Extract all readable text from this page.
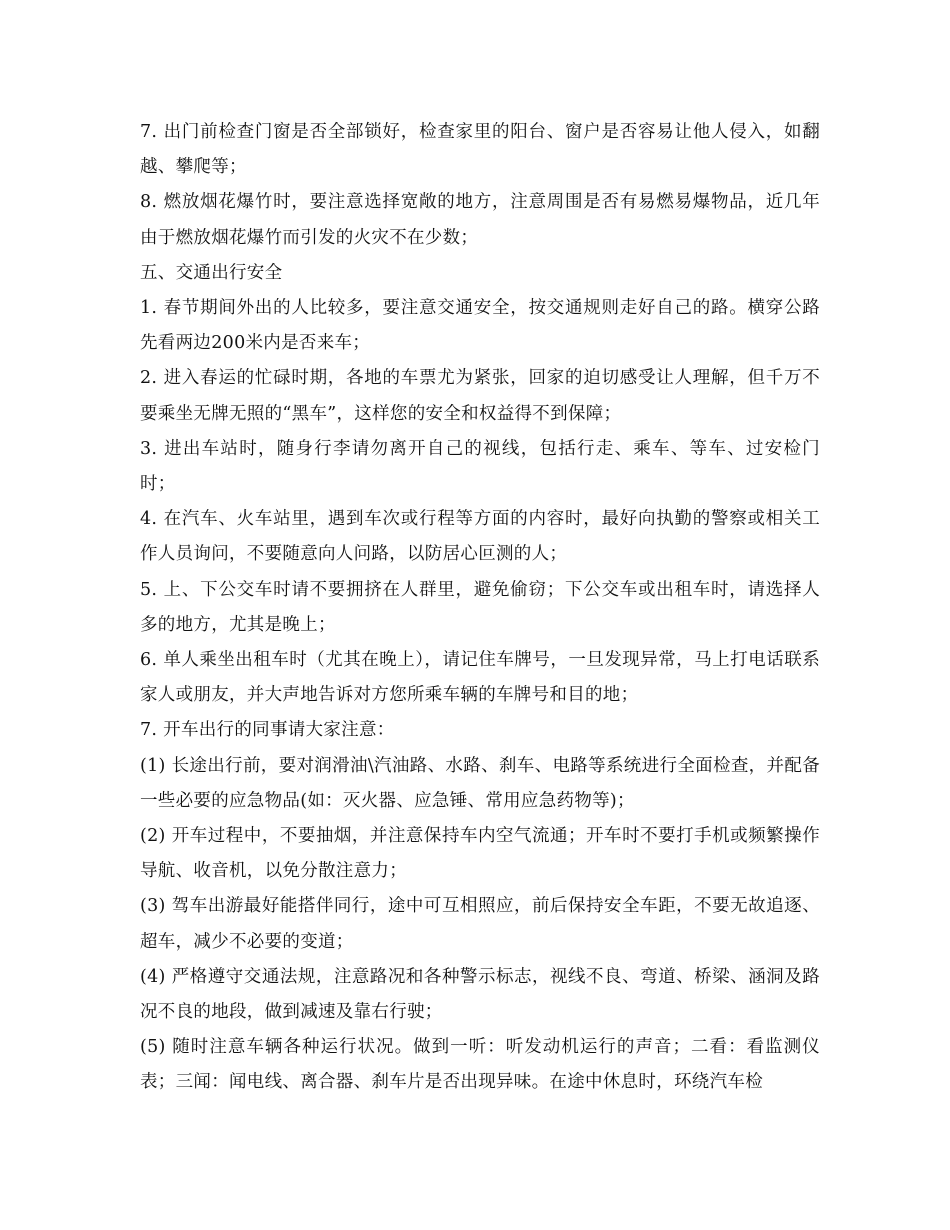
7. 出门前检查门窗是否全部锁好，检查家里的阳台、窗户是否容易让他人侵入，如翻越、攀爬等；

8. 燃放烟花爆竹时，要注意选择宽敞的地方，注意周围是否有易燃易爆物品，近几年由于燃放烟花爆竹而引发的火灾不在少数；

五、交通出行安全

1. 春节期间外出的人比较多，要注意交通安全，按交通规则走好自己的路。横穿公路先看两边200米内是否来车；

2. 进入春运的忙碌时期，各地的车票尤为紧张，回家的迫切感受让人理解，但千万不要乘坐无牌无照的“黑车”，这样您的安全和权益得不到保障；

3. 进出车站时，随身行李请勿离开自己的视线，包括行走、乘车、等车、过安检门时；

4. 在汽车、火车站里，遇到车次或行程等方面的内容时，最好向执勤的警察或相关工作人员询问，不要随意向人问路，以防居心叵测的人；

5. 上、下公交车时请不要拥挤在人群里，避免偷窃；下公交车或出租车时，请选择人多的地方，尤其是晚上；

6. 单人乘坐出租车时（尤其在晚上），请记住车牌号，一旦发现异常，马上打电话联系家人或朋友，并大声地告诉对方您所乘车辆的车牌号和目的地；

7. 开车出行的同事请大家注意：

(1) 长途出行前，要对润滑油\汽油路、水路、刹车、电路等系统进行全面检查，并配备一些必要的应急物品(如：灭火器、应急锤、常用应急药物等)；

(2) 开车过程中，不要抽烟，并注意保持车内空气流通；开车时不要打手机或频繁操作导航、收音机，以免分散注意力；

(3) 驾车出游最好能搭伴同行，途中可互相照应，前后保持安全车距，不要无故追逐、超车，减少不必要的变道；

(4) 严格遵守交通法规，注意路况和各种警示标志，视线不良、弯道、桥梁、涵洞及路况不良的地段，做到减速及靠右行驶；

(5) 随时注意车辆各种运行状况。做到一听：听发动机运行的声音；二看：看监测仪表；三闻：闻电线、离合器、刹车片是否出现异味。在途中休息时，环绕汽车检
